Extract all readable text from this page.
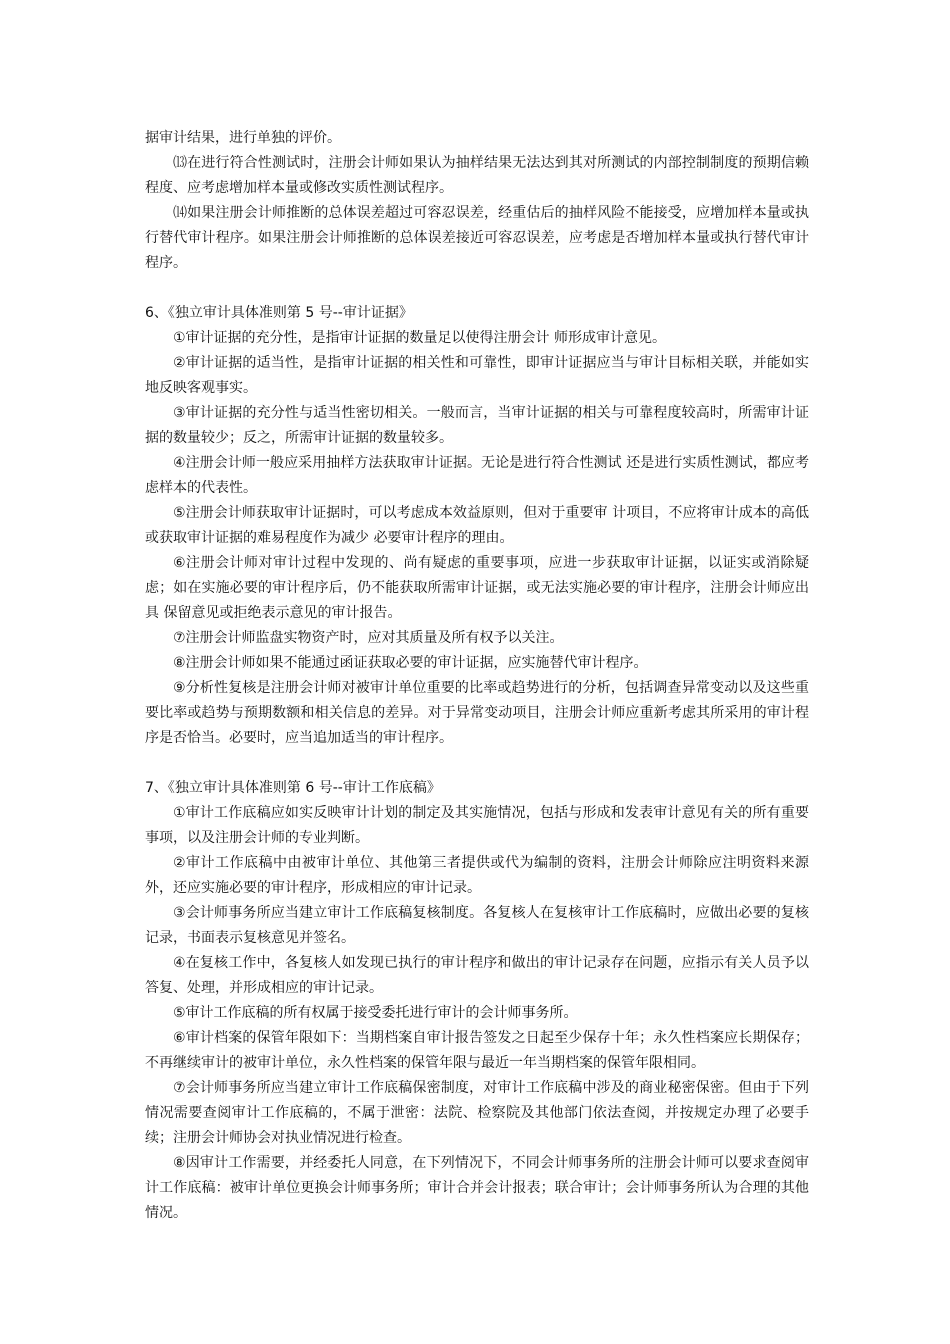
据审计结果，进行单独的评价。

⒀在进行符合性测试时，注册会计师如果认为抽样结果无法达到其对所测试的内部控制制度的预期信赖程度、应考虑增加样本量或修改实质性测试程序。

⒁如果注册会计师推断的总体误差超过可容忍误差，经重估后的抽样风险不能接受，应增加样本量或执行替代审计程序。如果注册会计师推断的总体误差接近可容忍误差，应考虑是否增加样本量或执行替代审计程序。

6、《独立审计具体准则第 5 号--审计证据》

①审计证据的充分性，是指审计证据的数量足以使得注册会计 师形成审计意见。

②审计证据的适当性，是指审计证据的相关性和可靠性，即审计证据应当与审计目标相关联，并能如实地反映客观事实。

③审计证据的充分性与适当性密切相关。一般而言，当审计证据的相关与可靠程度较高时，所需审计证据的数量较少；反之，所需审计证据的数量较多。

④注册会计师一般应采用抽样方法获取审计证据。无论是进行符合性测试 还是进行实质性测试，都应考虑样本的代表性。

⑤注册会计师获取审计证据时，可以考虑成本效益原则，但对于重要审 计项目，不应将审计成本的高低或获取审计证据的难易程度作为减少 必要审计程序的理由。

⑥注册会计师对审计过程中发现的、尚有疑虑的重要事项，应进一步获取审计证据，以证实或消除疑虑；如在实施必要的审计程序后，仍不能获取所需审计证据，或无法实施必要的审计程序，注册会计师应出具 保留意见或拒绝表示意见的审计报告。

⑦注册会计师监盘实物资产时，应对其质量及所有权予以关注。

⑧注册会计师如果不能通过函证获取必要的审计证据，应实施替代审计程序。

⑨分析性复核是注册会计师对被审计单位重要的比率或趋势进行的分析，包括调查异常变动以及这些重要比率或趋势与预期数额和相关信息的差异。对于异常变动项目，注册会计师应重新考虑其所采用的审计程序是否恰当。必要时，应当追加适当的审计程序。

7、《独立审计具体准则第 6 号--审计工作底稿》

①审计工作底稿应如实反映审计计划的制定及其实施情况，包括与形成和发表审计意见有关的所有重要事项，以及注册会计师的专业判断。

②审计工作底稿中由被审计单位、其他第三者提供或代为编制的资料，注册会计师除应注明资料来源外，还应实施必要的审计程序，形成相应的审计记录。

③会计师事务所应当建立审计工作底稿复核制度。各复核人在复核审计工作底稿时，应做出必要的复核记录，书面表示复核意见并签名。

④在复核工作中，各复核人如发现已执行的审计程序和做出的审计记录存在问题，应指示有关人员予以答复、处理，并形成相应的审计记录。

⑤审计工作底稿的所有权属于接受委托进行审计的会计师事务所。

⑥审计档案的保管年限如下：当期档案自审计报告签发之日起至少保存十年；永久性档案应长期保存；不再继续审计的被审计单位，永久性档案的保管年限与最近一年当期档案的保管年限相同。

⑦会计师事务所应当建立审计工作底稿保密制度，对审计工作底稿中涉及的商业秘密保密。但由于下列情况需要查阅审计工作底稿的，不属于泄密：法院、检察院及其他部门依法查阅，并按规定办理了必要手续；注册会计师协会对执业情况进行检查。

⑧因审计工作需要，并经委托人同意，在下列情况下，不同会计师事务所的注册会计师可以要求查阅审计工作底稿：被审计单位更换会计师事务所；审计合并会计报表；联合审计；会计师事务所认为合理的其他情况。
